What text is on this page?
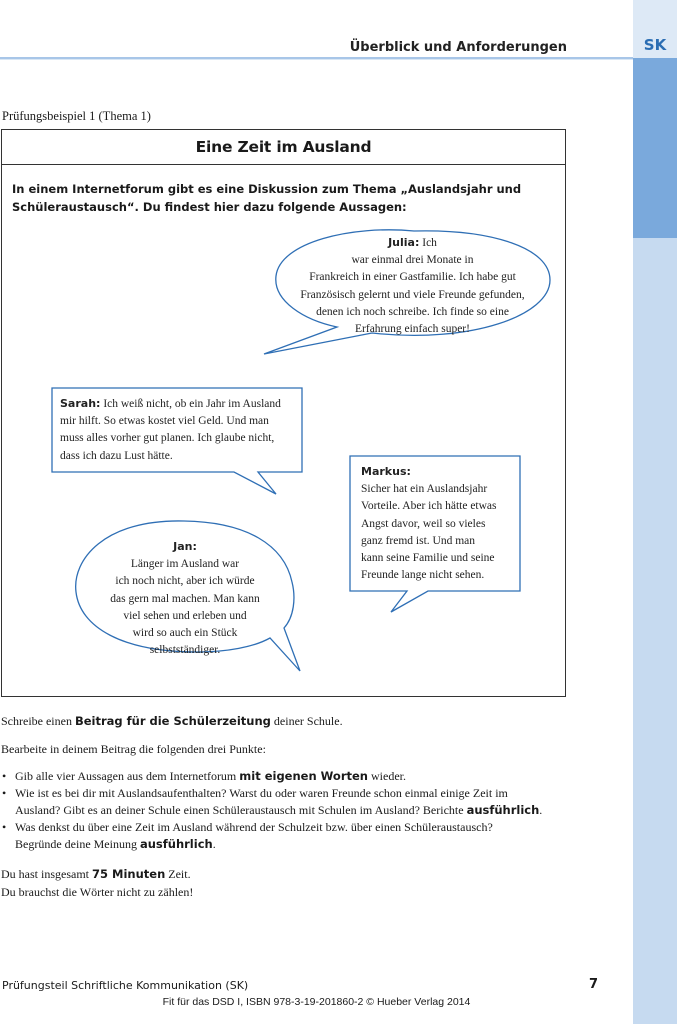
SK
Überblick und Anforderungen
Prüfungsbeispiel 1 (Thema 1)
Eine Zeit im Ausland
In einem Internetforum gibt es eine Diskussion zum Thema „Auslandsjahr und
Schüleraustausch“. Du findest hier dazu folgende Aussagen:
Julia: Ich
war einmal drei Monate in
Frankreich in einer Gastfamilie. Ich habe gut
Französisch gelernt und viele Freunde gefunden,
denen ich noch schreibe. Ich finde so eine
Erfahrung einfach super!
Sarah: Ich weiß nicht, ob ein Jahr im Ausland
mir hilft. So etwas kostet viel Geld. Und man
muss alles vorher gut planen. Ich glaube nicht,
dass ich dazu Lust hätte.
Markus:
Sicher hat ein Auslandsjahr
Vorteile. Aber ich hätte etwas
Angst davor, weil so vieles
ganz fremd ist. Und man
kann seine Familie und seine
Freunde lange nicht sehen.
Jan:
Länger im Ausland war
ich noch nicht, aber ich würde
das gern mal machen. Man kann
viel sehen und erleben und
wird so auch ein Stück
selbstständiger.
Schreibe einen Beitrag für die Schülerzeitung deiner Schule.
Bearbeite in deinem Beitrag die folgenden drei Punkte:
• Gib alle vier Aussagen aus dem Internetforum mit eigenen Worten wieder.
• Wie ist es bei dir mit Auslandsaufenthalten? Warst du oder waren Freunde schon einmal einige Zeit im
Ausland? Gibt es an deiner Schule einen Schüleraustausch mit Schulen im Ausland? Berichte ausführlich.
• Was denkst du über eine Zeit im Ausland während der Schulzeit bzw. über einen Schüleraustausch?
Begründe deine Meinung ausführlich.
Du hast insgesamt 75 Minuten Zeit.
Du brauchst die Wörter nicht zu zählen!
Prüfungsteil Schriftliche Kommunikation (SK)	7
Fit für das DSD I, ISBN 978-3-19-201860-2 © Hueber Verlag 2014
